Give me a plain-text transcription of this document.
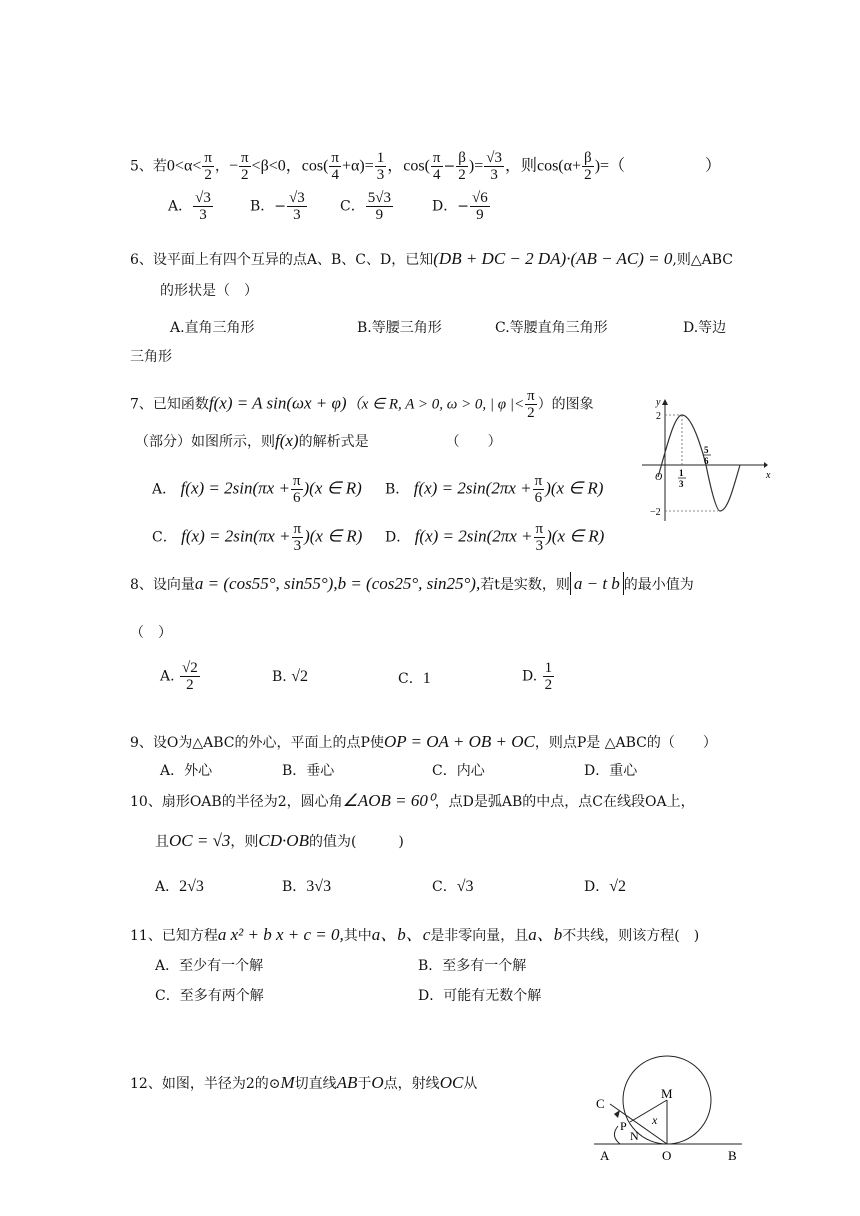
5、若$0<\alpha< \frac{\pi}{2}$ ，− $\frac{\pi}{2} <\beta<0$，$\cos( \frac{\pi}{4} +\alpha)= \frac{1}{3}$ ，$\cos( \frac{\pi}{4} - \frac{\beta}{2}$ )= $\frac{√3}{3}$ ，则$\cos(\alpha+ \frac{\beta}{2}$ )=（　　　　　）
A． $\frac{√3}{3}$	B．− $\frac{√3}{3}$ C． $\frac{5√3}{9}$	D．− $\frac{√6}{9}$
6、设平面上有四个互异的点A、B、C、D，已知(DB + DC − 2 DA)·(AB − AC) = 0,则△ABC
的形状是（　）
A.直角三角形	B.等腰三角形	C.等腰直角三角形	D.等边
三角形
7、已知函数f(x) = A sin(ωx + φ)（x ∈ R, A > 0, ω > 0, | φ |< $\frac{\pi}{2}$ ）的图象
（部分）如图所示，则f(x)的解析式是　　　　　　（　　）
A． $f(x) = 2\sin(\pi x + \frac{\pi}{6} )(x$ ∈ R) B． $f(x) = 2\sin(2\pi x + \frac{\pi}{6} )(x$ ∈ R)
C． $f(x) = 2\sin(\pi x + \frac{\pi}{3} )(x$ ∈ R) D． $f(x) = 2\sin(2\pi x + \frac{\pi}{3} )(x$ ∈ R)
y
x
O
2
−2
1
3
5
6
8、设向量a = (cos55°, sin55°),b = (cos25°, sin25°),若t是实数，则 a − t b 的最小值为
（　）
A. $\frac{√2}{2}$	B. √2	C．1	D. $\frac{1}{2}$
9、设O为△ABC的外心，平面上的点P使OP = OA + OB + OC，则点P是 △ABC的（　　）
A．外心	B．垂心	C．内心	D．重心
10、扇形OAB的半径为2，圆心角∠AOB = 60⁰，点D是弧AB的中点，点C在线段OA上，
且OC = √3，则CD·OB的值为(　　　)
A．2√3	B．3√3	C．√3	D．√2
11、已知方程a x² + b x + c = 0,其中a、b、c是非零向量，且a、b不共线，则该方程(　)
A．至少有一个解	B．至多有一个解
C．至多有两个解	D．可能有无数个解
12、如图，半径为2的⊙M切直线AB于O点，射线OC从
C
M
P
N
x
A	O	B
